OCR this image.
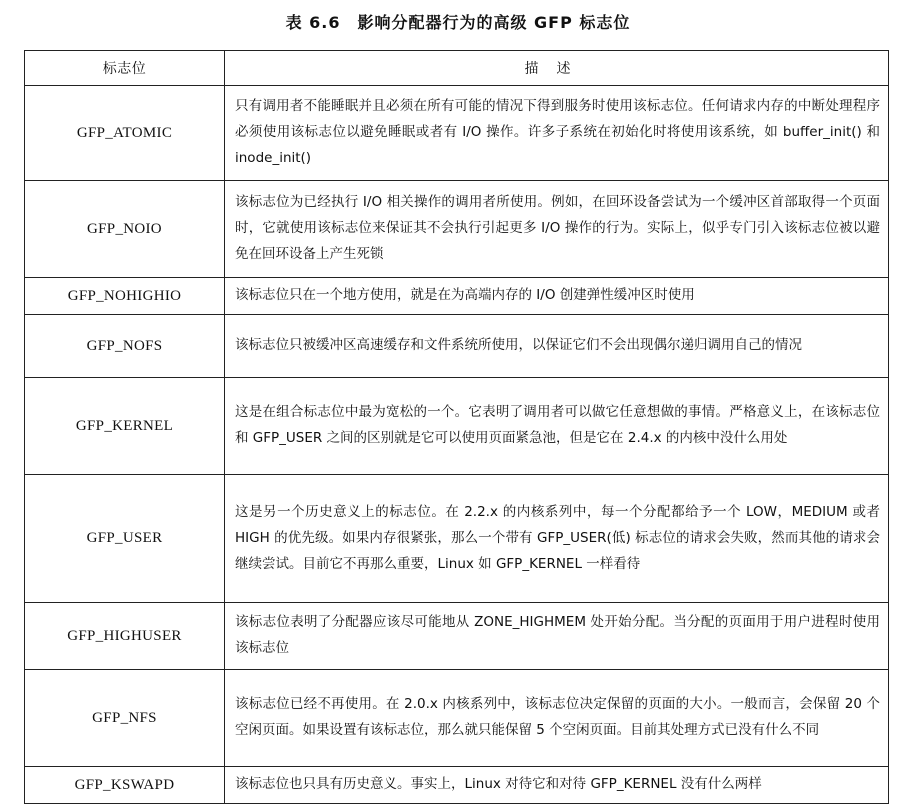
表 6.6　影响分配器行为的高级 GFP 标志位
标志位	描述
GFP_ATOMIC	只有调用者不能睡眠并且必须在所有可能的情况下得到服务时使用该标志位。任何请求内存的中断处理程序必须使用该标志位以避免睡眠或者有 I/O 操作。许多子系统在初始化时将使用该系统，如 buffer_init() 和 inode_init()
GFP_NOIO	该标志位为已经执行 I/O 相关操作的调用者所使用。例如，在回环设备尝试为一个缓冲区首部取得一个页面时，它就使用该标志位来保证其不会执行引起更多 I/O 操作的行为。实际上，似乎专门引入该标志位被以避免在回环设备上产生死锁
GFP_NOHIGHIO	该标志位只在一个地方使用，就是在为高端内存的 I/O 创建弹性缓冲区时使用
GFP_NOFS	该标志位只被缓冲区高速缓存和文件系统所使用，以保证它们不会出现偶尔递归调用自己的情况
GFP_KERNEL	这是在组合标志位中最为宽松的一个。它表明了调用者可以做它任意想做的事情。严格意义上，在该标志位和 GFP_USER 之间的区别就是它可以使用页面紧急池，但是它在 2.4.x 的内核中没什么用处
GFP_USER	这是另一个历史意义上的标志位。在 2.2.x 的内核系列中，每一个分配都给予一个 LOW，MEDIUM 或者 HIGH 的优先级。如果内存很紧张，那么一个带有 GFP_USER(低) 标志位的请求会失败，然而其他的请求会继续尝试。目前它不再那么重要，Linux 如 GFP_KERNEL 一样看待
GFP_HIGHUSER	该标志位表明了分配器应该尽可能地从 ZONE_HIGHMEM 处开始分配。当分配的页面用于用户进程时使用该标志位
GFP_NFS	该标志位已经不再使用。在 2.0.x 内核系列中，该标志位决定保留的页面的大小。一般而言，会保留 20 个空闲页面。如果设置有该标志位，那么就只能保留 5 个空闲页面。目前其处理方式已没有什么不同
GFP_KSWAPD	该标志位也只具有历史意义。事实上，Linux 对待它和对待 GFP_KERNEL 没有什么两样
